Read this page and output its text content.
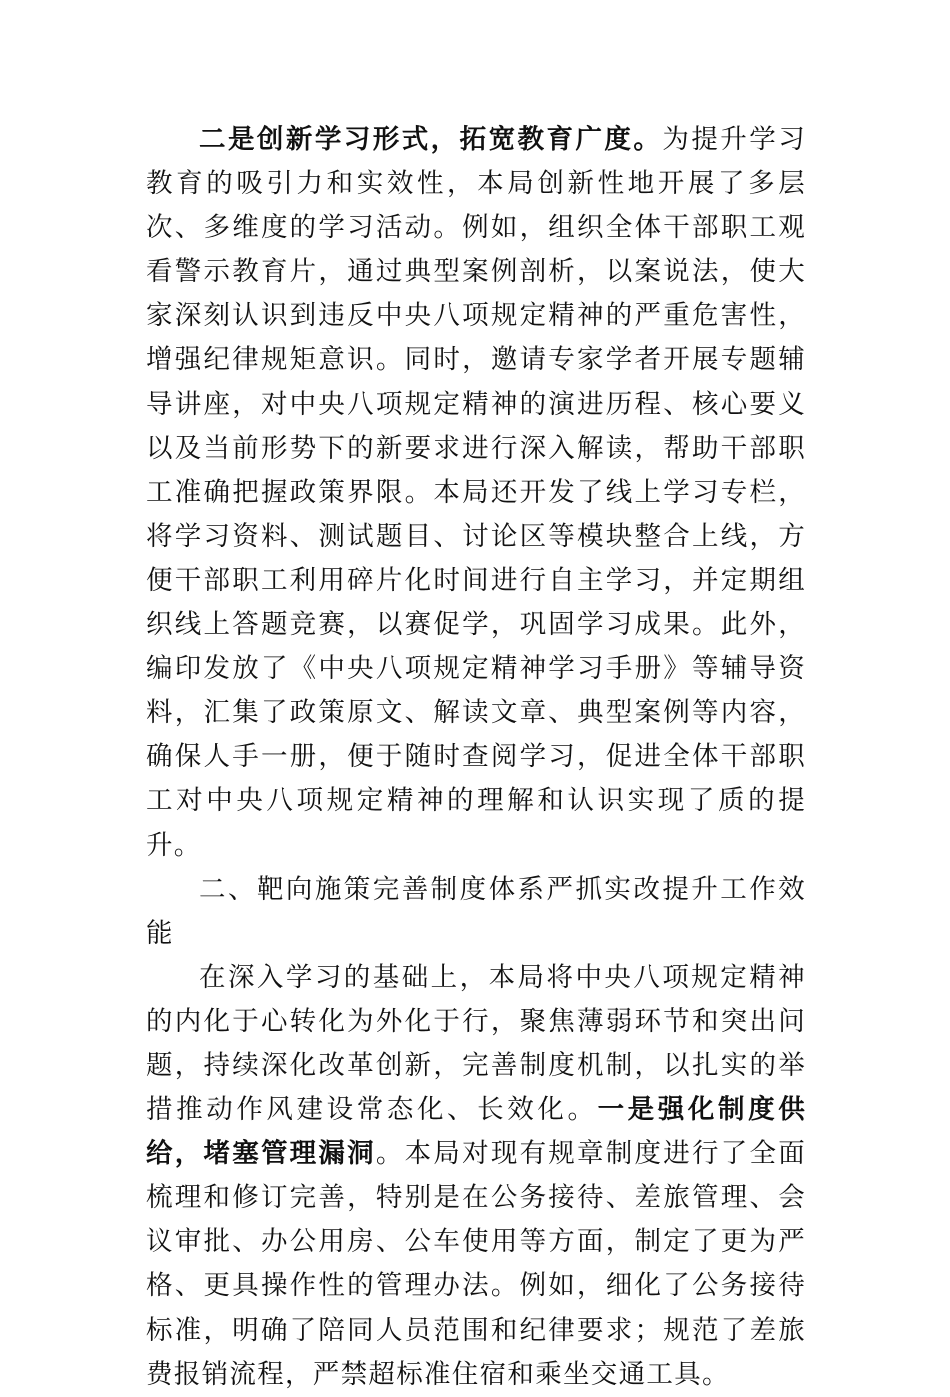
二是创新学习形式，拓宽教育广度。为提升学习教育的吸引力和实效性，本局创新性地开展了多层次、多维度的学习活动。例如，组织全体干部职工观看警示教育片，通过典型案例剖析，以案说法，使大家深刻认识到违反中央八项规定精神的严重危害性，增强纪律规矩意识。同时，邀请专家学者开展专题辅导讲座，对中央八项规定精神的演进历程、核心要义以及当前形势下的新要求进行深入解读，帮助干部职工准确把握政策界限。本局还开发了线上学习专栏，将学习资料、测试题目、讨论区等模块整合上线，方便干部职工利用碎片化时间进行自主学习，并定期组织线上答题竞赛，以赛促学，巩固学习成果。此外，编印发放了《中央八项规定精神学习手册》等辅导资料，汇集了政策原文、解读文章、典型案例等内容，确保人手一册，便于随时查阅学习，促进全体干部职工对中央八项规定精神的理解和认识实现了质的提升。

二、靶向施策完善制度体系严抓实改提升工作效能

在深入学习的基础上，本局将中央八项规定精神的内化于心转化为外化于行，聚焦薄弱环节和突出问题，持续深化改革创新，完善制度机制，以扎实的举措推动作风建设常态化、长效化。一是强化制度供给，堵塞管理漏洞。本局对现有规章制度进行了全面梳理和修订完善，特别是在公务接待、差旅管理、会议审批、办公用房、公车使用等方面，制定了更为严格、更具操作性的管理办法。例如，细化了公务接待标准，明确了陪同人员范围和纪律要求；规范了差旅费报销流程，严禁超标准住宿和乘坐交通工具。
